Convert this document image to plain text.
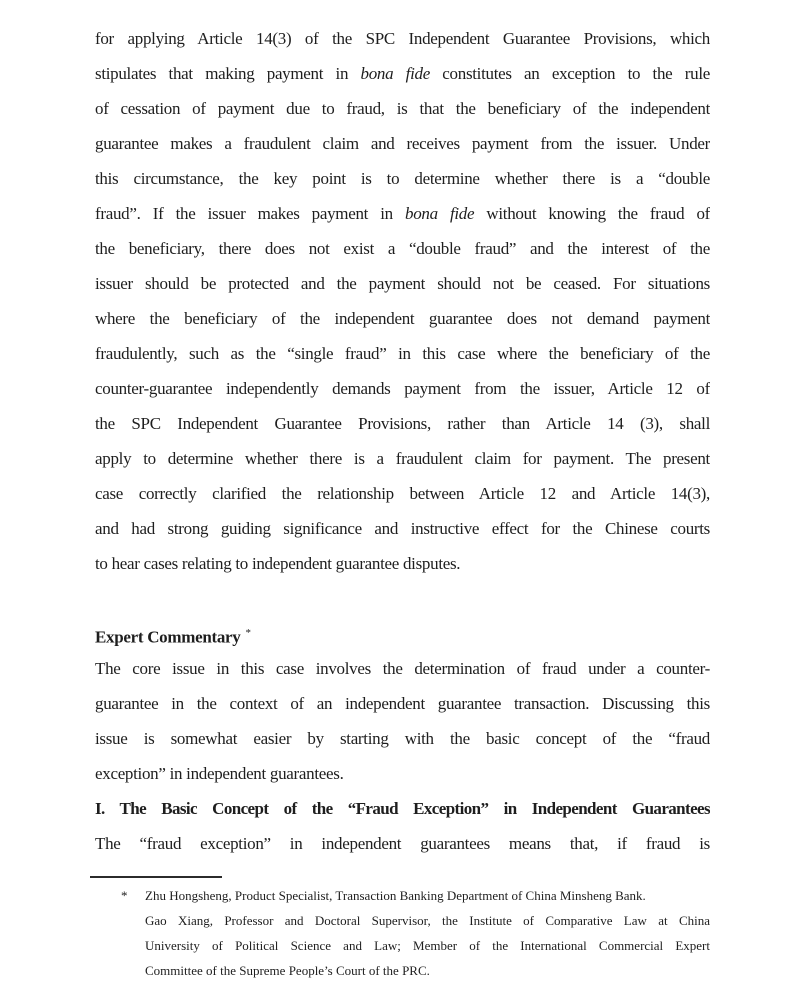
for applying Article 14(3) of the SPC Independent Guarantee Provisions, which
stipulates that making payment in bona fide constitutes an exception to the rule
of cessation of payment due to fraud, is that the beneficiary of the independent
guarantee makes a fraudulent claim and receives payment from the issuer. Under
this circumstance, the key point is to determine whether there is a “double
fraud”. If the issuer makes payment in bona fide without knowing the fraud of
the beneficiary, there does not exist a “double fraud” and the interest of the
issuer should be protected and the payment should not be ceased. For situations
where the beneficiary of the independent guarantee does not demand payment
fraudulently, such as the “single fraud” in this case where the beneficiary of the
counter-guarantee independently demands payment from the issuer, Article 12 of
the SPC Independent Guarantee Provisions, rather than Article 14 (3), shall
apply to determine whether there is a fraudulent claim for payment. The present
case correctly clarified the relationship between Article 12 and Article 14(3),
and had strong guiding significance and instructive effect for the Chinese courts
to hear cases relating to independent guarantee disputes.
Expert Commentary *
The core issue in this case involves the determination of fraud under a counter-
guarantee in the context of an independent guarantee transaction. Discussing this
issue is somewhat easier by starting with the basic concept of the “fraud
exception” in independent guarantees.
I. The Basic Concept of the “Fraud Exception” in Independent Guarantees
The “fraud exception” in independent guarantees means that, if fraud is
* Zhu Hongsheng, Product Specialist, Transaction Banking Department of China Minsheng Bank.
Gao Xiang, Professor and Doctoral Supervisor, the Institute of Comparative Law at China
University of Political Science and Law; Member of the International Commercial Expert
Committee of the Supreme People’s Court of the PRC.
